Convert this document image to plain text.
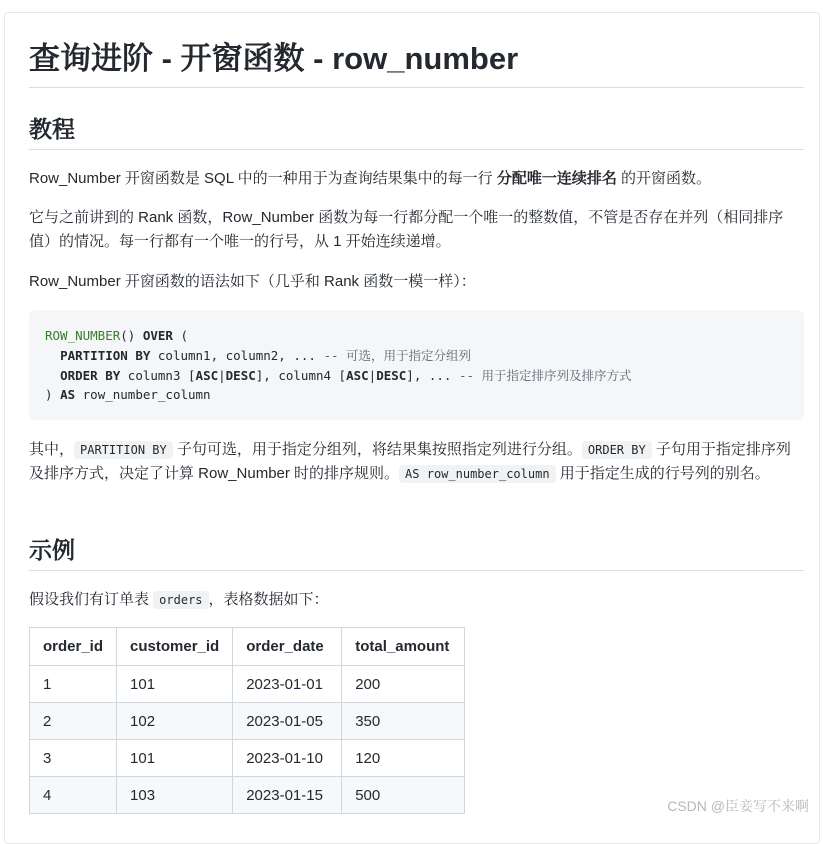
查询进阶 - 开窗函数 - row_number
教程

Row_Number 开窗函数是 SQL 中的一种用于为查询结果集中的每一行 分配唯一连续排名 的开窗函数。

它与之前讲到的 Rank 函数，Row_Number 函数为每一行都分配一个唯一的整数值，不管是否存在并列（相同排序值）的情况。每一行都有一个唯一的行号，从 1 开始连续递增。

Row_Number 开窗函数的语法如下（几乎和 Rank 函数一模一样）：

ROW_NUMBER() OVER (
PARTITION BY column1, column2, ... -- 可选，用于指定分组列
ORDER BY column3 [ASC|DESC], column4 [ASC|DESC], ... -- 用于指定排序列及排序方式
) AS row_number_column

其中， PARTITION BY 子句可选，用于指定分组列，将结果集按照指定列进行分组。 ORDER BY 子句用于指定排序列及排序方式，决定了计算 Row_Number 时的排序规则。 AS row_number_column 用于指定生成的行号列的别名。

示例

假设我们有订单表 orders ，表格数据如下：

order_id	customer_id	order_date	total_amount
1	101	2023-01-01	200
2	102	2023-01-05	350
3	101	2023-01-10	120
4	103	2023-01-15	500
CSDN @臣妾写不来啊
